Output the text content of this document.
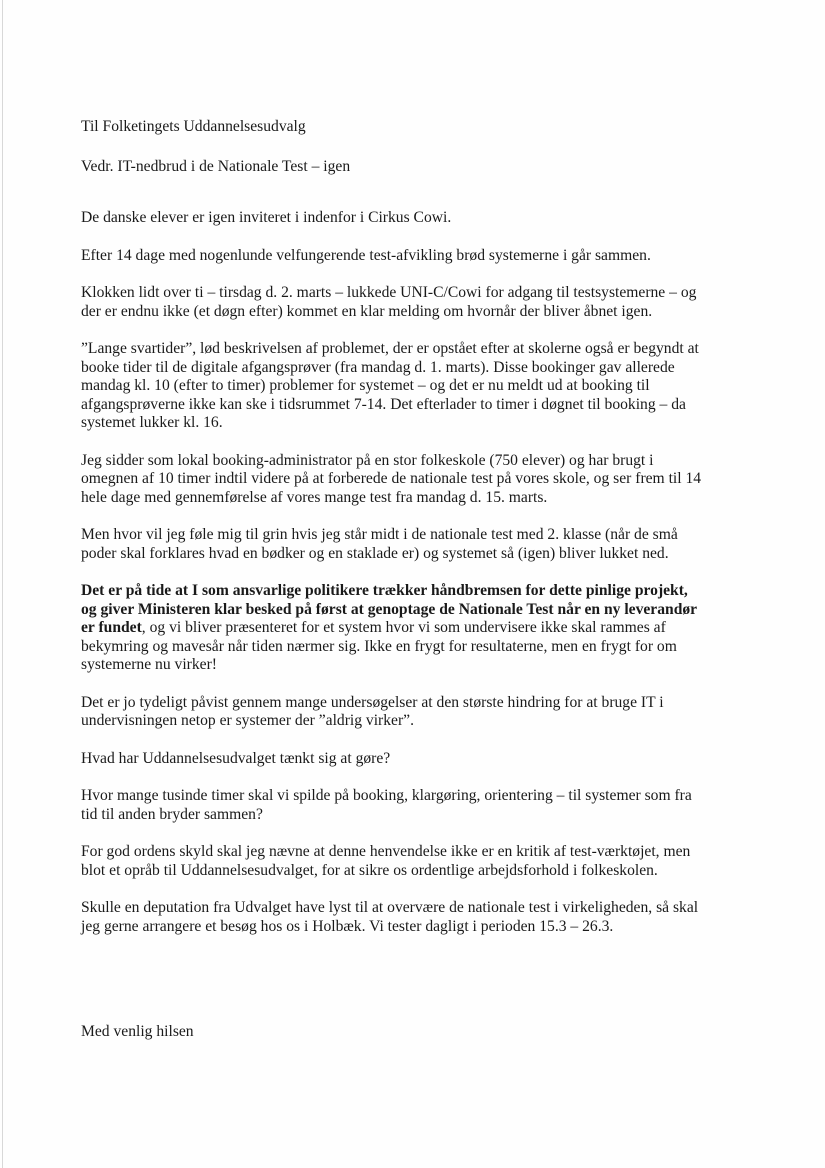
Til Folketingets Uddannelsesudvalg

Vedr. IT-nedbrud i de Nationale Test – igen

De danske elever er igen inviteret i indenfor i Cirkus Cowi.

Efter 14 dage med nogenlunde velfungerende test-afvikling brød systemerne i går sammen.

Klokken lidt over ti – tirsdag d. 2. marts – lukkede UNI-C/Cowi for adgang til testsystemerne – og
der er endnu ikke (et døgn efter) kommet en klar melding om hvornår der bliver åbnet igen.

”Lange svartider”, lød beskrivelsen af problemet, der er opstået efter at skolerne også er begyndt at
booke tider til de digitale afgangsprøver (fra mandag d. 1. marts). Disse bookinger gav allerede
mandag kl. 10 (efter to timer) problemer for systemet – og det er nu meldt ud at booking til
afgangsprøverne ikke kan ske i tidsrummet 7-14. Det efterlader to timer i døgnet til booking – da
systemet lukker kl. 16.

Jeg sidder som lokal booking-administrator på en stor folkeskole (750 elever) og har brugt i
omegnen af 10 timer indtil videre på at forberede de nationale test på vores skole, og ser frem til 14
hele dage med gennemførelse af vores mange test fra mandag d. 15. marts.

Men hvor vil jeg føle mig til grin hvis jeg står midt i de nationale test med 2. klasse (når de små
poder skal forklares hvad en bødker og en staklade er) og systemet så (igen) bliver lukket ned.

Det er på tide at I som ansvarlige politikere trækker håndbremsen for dette pinlige projekt,
og giver Ministeren klar besked på først at genoptage de Nationale Test når en ny leverandør
er fundet, og vi bliver præsenteret for et system hvor vi som undervisere ikke skal rammes af
bekymring og mavesår når tiden nærmer sig. Ikke en frygt for resultaterne, men en frygt for om
systemerne nu virker!

Det er jo tydeligt påvist gennem mange undersøgelser at den største hindring for at bruge IT i
undervisningen netop er systemer der ”aldrig virker”.

Hvad har Uddannelsesudvalget tænkt sig at gøre?

Hvor mange tusinde timer skal vi spilde på booking, klargøring, orientering – til systemer som fra
tid til anden bryder sammen?

For god ordens skyld skal jeg nævne at denne henvendelse ikke er en kritik af test-værktøjet, men
blot et opråb til Uddannelsesudvalget, for at sikre os ordentlige arbejdsforhold i folkeskolen.

Skulle en deputation fra Udvalget have lyst til at overvære de nationale test i virkeligheden, så skal
jeg gerne arrangere et besøg hos os i Holbæk. Vi tester dagligt i perioden 15.3 – 26.3.

Med venlig hilsen
